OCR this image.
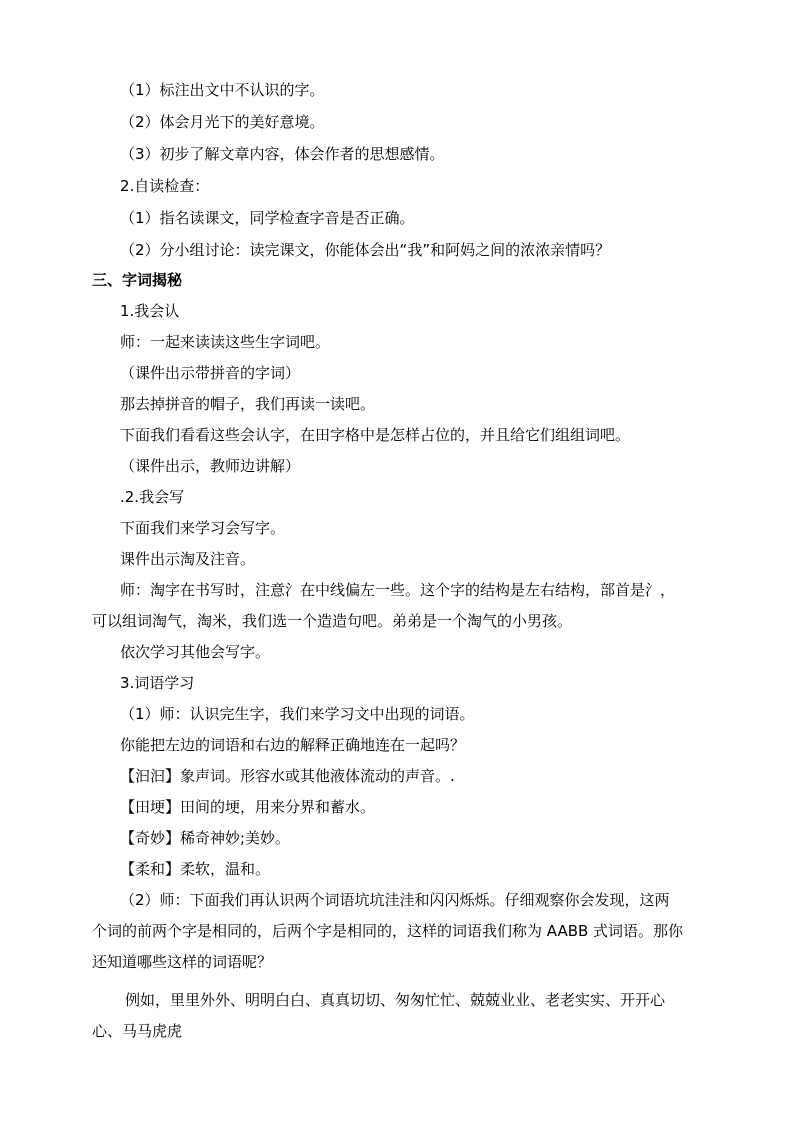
（1）标注出文中不认识的字。
（2）体会月光下的美好意境。
（3）初步了解文章内容，体会作者的思想感情。
2.自读检查：
（1）指名读课文，同学检查字音是否正确。
（2）分小组讨论：读完课文，你能体会出“我”和阿妈之间的浓浓亲情吗？
三、字词揭秘
1.我会认
师：一起来读读这些生字词吧。
（课件出示带拼音的字词）
那去掉拼音的帽子，我们再读一读吧。
下面我们看看这些会认字，在田字格中是怎样占位的，并且给它们组组词吧。
（课件出示，教师边讲解）
.2.我会写
下面我们来学习会写字。
课件出示淘及注音。
师：淘字在书写时，注意氵在中线偏左一些。这个字的结构是左右结构，部首是氵，
可以组词淘气，淘米，我们选一个造造句吧。弟弟是一个淘气的小男孩。
依次学习其他会写字。
3.词语学习
（1）师：认识完生字，我们来学习文中出现的词语。
你能把左边的词语和右边的解释正确地连在一起吗？
【汩汩】象声词。形容水或其他液体流动的声音。.
【田埂】田间的埂，用来分界和蓄水。
【奇妙】稀奇神妙;美妙。
【柔和】柔软，温和。
（2）师：下面我们再认识两个词语坑坑洼洼和闪闪烁烁。仔细观察你会发现，这两
个词的前两个字是相同的，后两个字是相同的，这样的词语我们称为 AABB 式词语。那你
还知道哪些这样的词语呢？
例如，里里外外、明明白白、真真切切、匆匆忙忙、兢兢业业、老老实实、开开心
心、马马虎虎
